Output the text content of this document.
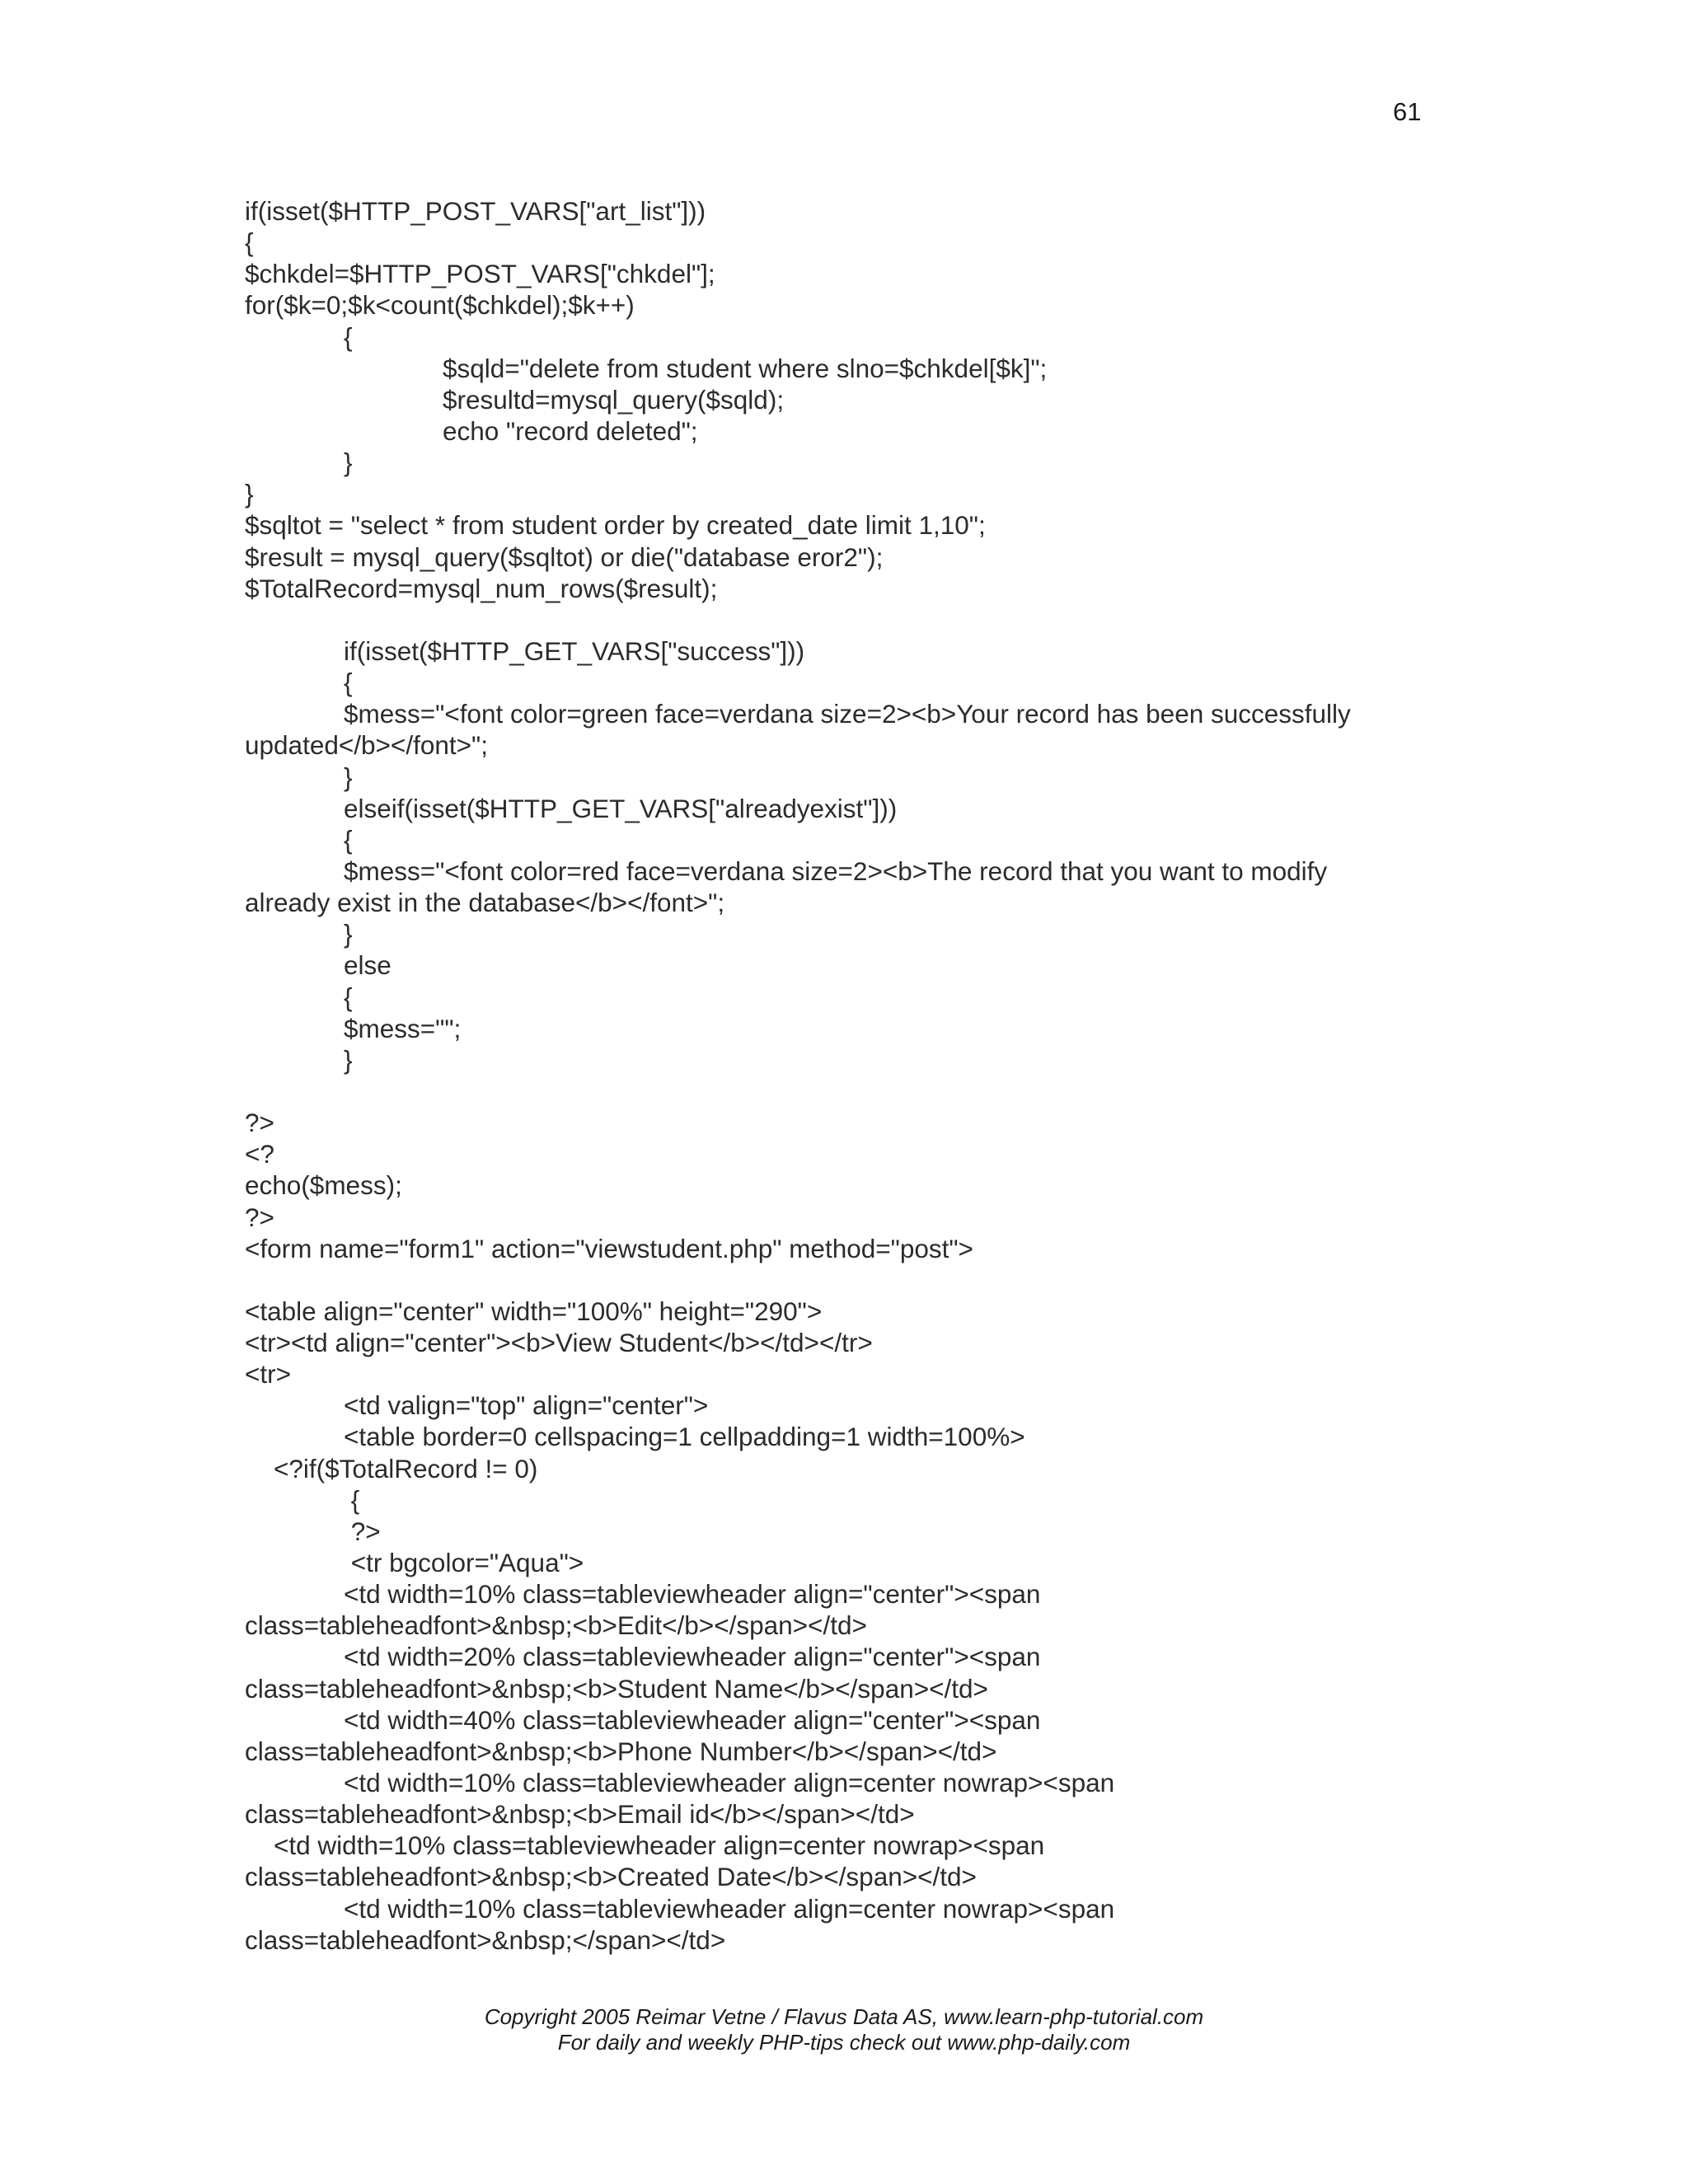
61
if(isset($HTTP_POST_VARS["art_list"]))
{
$chkdel=$HTTP_POST_VARS["chkdel"];
for($k=0;$k<count($chkdel);$k++)
{
$sqld="delete from student where slno=$chkdel[$k]";
$resultd=mysql_query($sqld);
echo "record deleted";
}
}
$sqltot = "select * from student order by created_date limit 1,10";
$result = mysql_query($sqltot) or die("database eror2");
$TotalRecord=mysql_num_rows($result);
if(isset($HTTP_GET_VARS["success"]))
{
$mess="<font color=green face=verdana size=2><b>Your record has been successfully
updated</b></font>";
}
elseif(isset($HTTP_GET_VARS["alreadyexist"]))
{
$mess="<font color=red face=verdana size=2><b>The record that you want to modify
already exist in the database</b></font>";
}
else
{
$mess="";
}
?>
<?
echo($mess);
?>
<form name="form1" action="viewstudent.php" method="post">
<table align="center" width="100%" height="290">
<tr><td align="center"><b>View Student</b></td></tr>
<tr>
<td valign="top" align="center">
<table border=0 cellspacing=1 cellpadding=1 width=100%>
<?if($TotalRecord != 0)
{
?>
<tr bgcolor="Aqua">
<td width=10% class=tableviewheader align="center"><span
class=tableheadfont>&nbsp;<b>Edit</b></span></td>
<td width=20% class=tableviewheader align="center"><span
class=tableheadfont>&nbsp;<b>Student Name</b></span></td>
<td width=40% class=tableviewheader align="center"><span
class=tableheadfont>&nbsp;<b>Phone Number</b></span></td>
<td width=10% class=tableviewheader align=center nowrap><span
class=tableheadfont>&nbsp;<b>Email id</b></span></td>
<td width=10% class=tableviewheader align=center nowrap><span
class=tableheadfont>&nbsp;<b>Created Date</b></span></td>
<td width=10% class=tableviewheader align=center nowrap><span
class=tableheadfont>&nbsp;</span></td>
Copyright 2005 Reimar Vetne / Flavus Data AS, www.learn-php-tutorial.com
For daily and weekly PHP-tips check out www.php-daily.com
